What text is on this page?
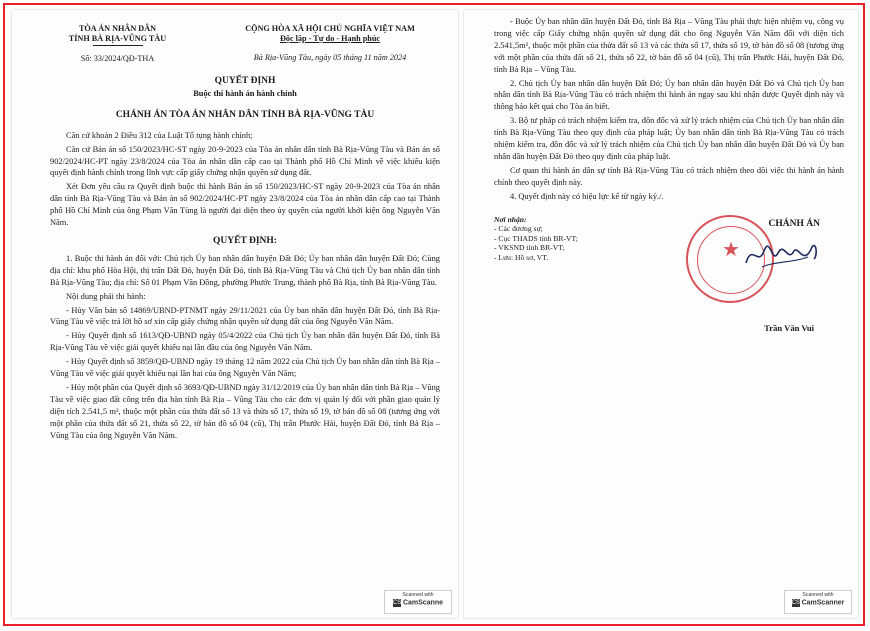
TÒA ÁN NHÂN DÂN
TỈNH BÀ RỊA-VŨNG TÀU
Số: 33/2024/QĐ-THA
CỘNG HÒA XÃ HỘI CHỦ NGHĨA VIỆT NAM
Độc lập - Tự do - Hạnh phúc
Bà Rịa-Vũng Tàu, ngày 05 tháng 11 năm 2024
QUYẾT ĐỊNH
Buộc thi hành án hành chính
CHÁNH ÁN TÒA ÁN NHÂN DÂN TỈNH BÀ RỊA-VŨNG TÀU

Căn cứ khoản 2 Điều 312 của Luật Tố tụng hành chính;

Căn cứ Bản án số 150/2023/HC-ST ngày 20-9-2023 của Tòa án nhân dân tỉnh Bà Rịa-Vũng Tàu và Bản án số 902/2024/HC-PT ngày 23/8/2024 của Tòa án nhân dân cấp cao tại Thành phố Hồ Chí Minh về việc khiếu kiện quyết định hành chính trong lĩnh vực cấp giấy chứng nhận quyền sử dụng đất.

Xét Đơn yêu cầu ra Quyết định buộc thi hành Bản án số 150/2023/HC-ST ngày 20-9-2023 của Tòa án nhân dân tỉnh Bà Rịa-Vũng Tàu và Bản án số 902/2024/HC-PT ngày 23/8/2024 của Tòa án nhân dân cấp cao tại Thành phố Hồ Chí Minh của ông Phạm Văn Tùng là người đại diện theo ủy quyền của người khởi kiện ông Nguyễn Văn Năm.

QUYẾT ĐỊNH:

1. Buộc thi hành án đối với: Chủ tịch Ủy ban nhân dân huyện Đất Đỏ; Ủy ban nhân dân huyện Đất Đỏ; Cùng địa chỉ: khu phố Hòa Hội, thị trấn Đất Đỏ, huyện Đất Đỏ, tỉnh Bà Rịa-Vũng Tàu và Chủ tịch Ủy ban nhân dân tỉnh Bà Rịa-Vũng Tàu; địa chỉ: Số 01 Phạm Văn Đồng, phường Phước Trung, thành phố Bà Rịa, tỉnh Bà Rịa-Vũng Tàu.

Nội dung phải thi hành:

- Hủy Văn bản số 14869/UBND-PTNMT ngày 29/11/2021 của Ủy ban nhân dân huyện Đất Đỏ, tỉnh Bà Rịa-Vũng Tàu về việc trả lời hồ sơ xin cấp giấy chứng nhận quyền sử dụng đất của ông Nguyễn Văn Năm.

- Hủy Quyết định số 1613/QĐ-UBND ngày 05/4/2022 của Chủ tịch Ủy ban nhân dân huyện Đất Đỏ, tỉnh Bà Rịa-Vũng Tàu về việc giải quyết khiếu nại lần đầu của ông Nguyễn Văn Năm.

- Hủy Quyết định số 3859/QĐ-UBND ngày 19 tháng 12 năm 2022 của Chủ tịch Ủy ban nhân dân tỉnh Bà Rịa – Vũng Tàu về việc giải quyết khiếu nại lần hai của ông Nguyễn Văn Năm;

- Hủy một phần của Quyết định số 3693/QĐ-UBND ngày 31/12/2019 của Ủy ban nhân dân tỉnh Bà Rịa – Vũng Tàu về việc giao đất công trên địa bàn tỉnh Bà Rịa – Vũng Tàu cho các đơn vị quản lý đối với phần giao quản lý diện tích 2.541,5 m², thuộc một phần của thửa đất số 13 và thửa số 17, thửa số 19, tờ bản đồ số 08 (tương ứng với một phần của thửa đất số 21, thửa số 22, tờ bản đồ số 04 (cũ), Thị trấn Phước Hải, huyện Đất Đỏ, tỉnh Bà Rịa – Vũng Tàu của ông Nguyễn Văn Năm.

Scanned with
CS CamScanne

- Buộc Ủy ban nhân dân huyện Đất Đỏ, tỉnh Bà Rịa – Vũng Tàu phải thực hiện nhiệm vụ, công vụ trong việc cấp Giấy chứng nhận quyền sử dụng đất cho ông Nguyễn Văn Năm đối với diện tích 2.541,5m², thuộc một phần của thửa đất số 13 và các thửa số 17, thửa số 19, tờ bản đồ số 08 (tương ứng với một phần của thửa đất số 21, thửa số 22, tờ bản đồ số 04 (cũ), Thị trấn Phước Hải, huyện Đất Đỏ, tỉnh Bà Rịa – Vũng Tàu.

2. Chủ tịch Ủy ban nhân dân huyện Đất Đỏ; Ủy ban nhân dân huyện Đất Đỏ và Chủ tịch Ủy ban nhân dân tỉnh Bà Rịa-Vũng Tàu có trách nhiệm thi hành án ngay sau khi nhận được Quyết định này và thông báo kết quả cho Tòa án biết.

3. Bộ tư pháp có trách nhiệm kiểm tra, đôn đốc và xử lý trách nhiệm của Chủ tịch Ủy ban nhân dân tỉnh Bà Rịa-Vũng Tàu theo quy định của pháp luật; Ủy ban nhân dân tỉnh Bà Rịa-Vũng Tàu có trách nhiệm kiểm tra, đôn đốc và xử lý trách nhiệm của Chủ tịch Ủy ban nhân dân huyện Đất Đỏ và Ủy ban nhân dân huyện Đất Đỏ theo quy định của pháp luật.

Cơ quan thi hành án dân sự tỉnh Bà Rịa-Vũng Tàu có trách nhiệm theo dõi việc thi hành án hành chính theo quyết định này.

4. Quyết định này có hiệu lực kể từ ngày ký./.

Nơi nhận:
- Các đương sự;
- Cục THADS tỉnh BR-VT;
- VKSND tỉnh BR-VT;
- Lưu: Hồ sơ, VT.	★
CHÁNH ÁN
Trần Văn Vui
Scanned with
CS CamScanner
